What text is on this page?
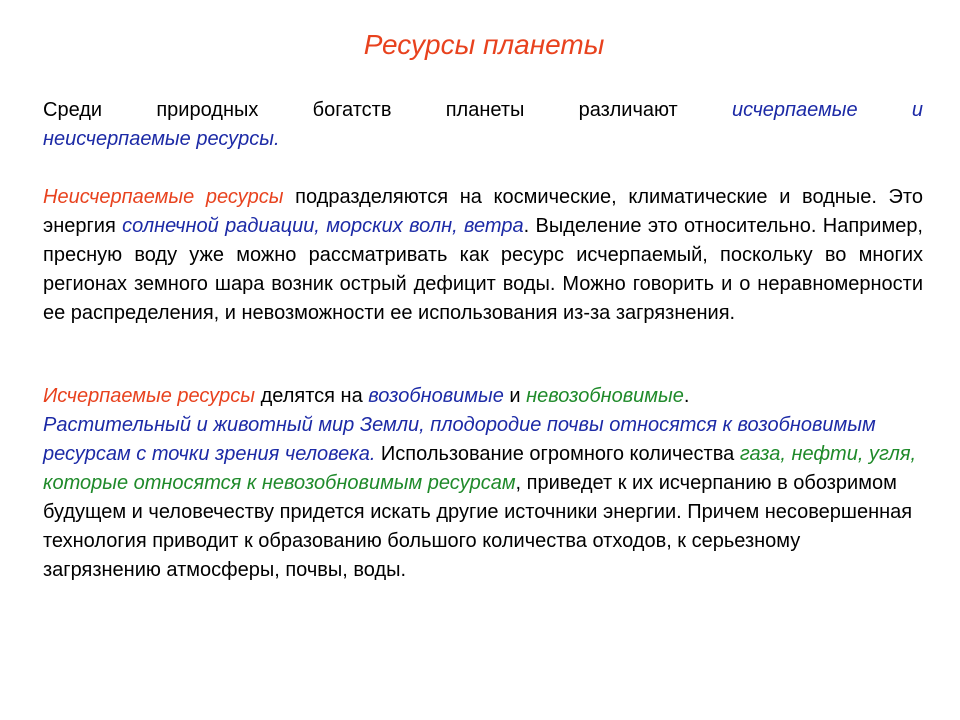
Ресурсы планеты

Среди природных богатств планеты различают исчерпаемые	и
неисчерпаемые ресурсы.

Неисчерпаемые ресурсы подразделяются на космические, климатические и водные. Это энергия солнечной радиации, морских волн, ветра. Выделение это относительно. Например, пресную воду уже можно рассматривать как ресурс исчерпаемый, поскольку во многих регионах земного шара возник острый дефицит воды. Можно говорить и о неравномерности ее распределения, и невозможности ее использования из-за загрязнения.

Исчерпаемые ресурсы делятся на возобновимые и невозобновимые.
Растительный и животный мир Земли, плодородие почвы относятся к возобновимым ресурсам с точки зрения человека. Использование огромного количества газа, нефти, угля, которые относятся к невозобновимым ресурсам, приведет к их исчерпанию в обозримом будущем и человечеству придется искать другие источники энергии. Причем несовершенная технология приводит к образованию большого количества отходов, к серьезному загрязнению атмосферы, почвы, воды.
